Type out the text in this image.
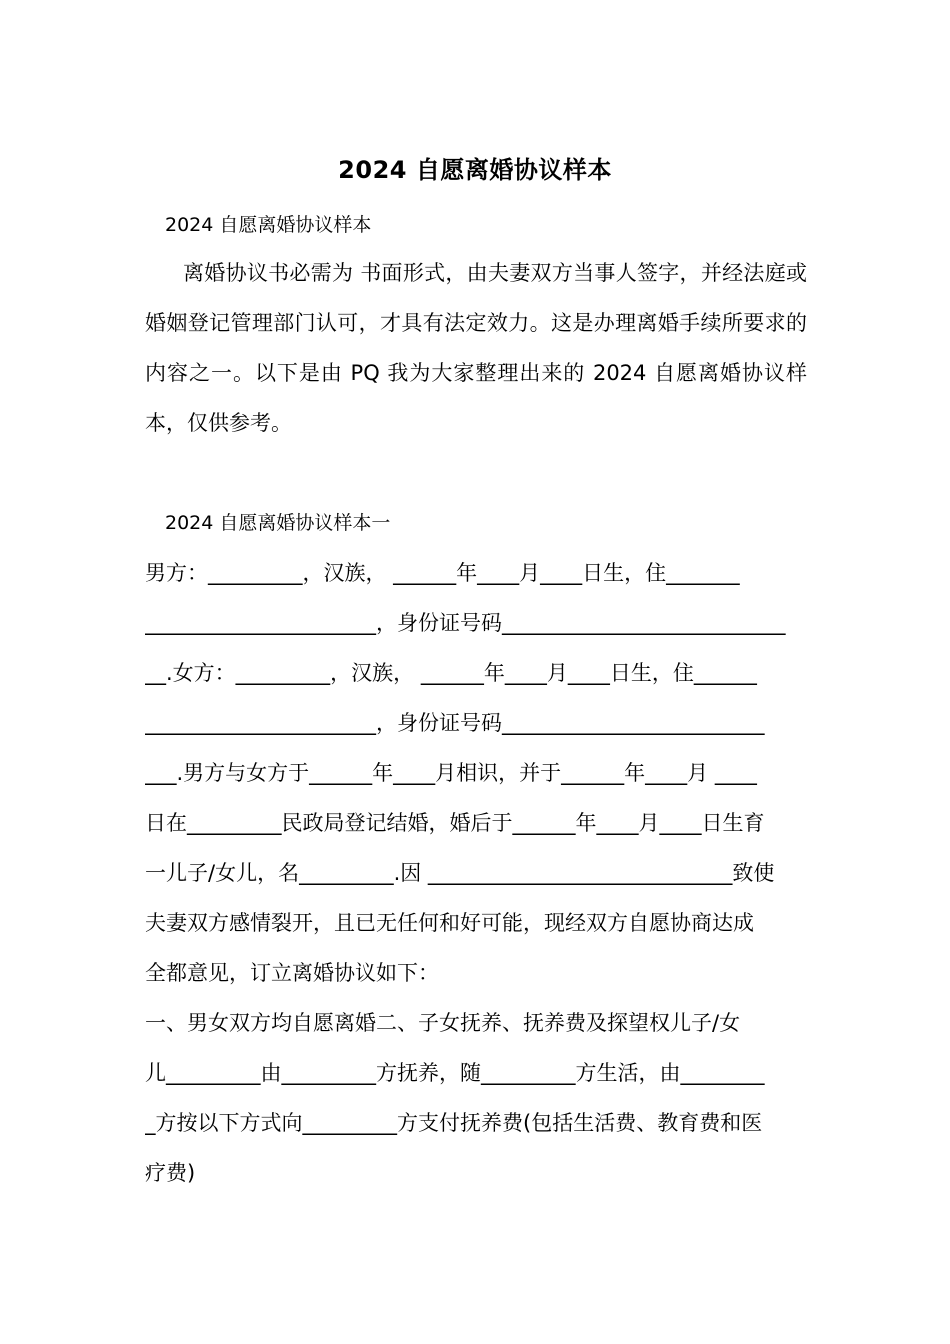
2024 自愿离婚协议样本
2024 自愿离婚协议样本
离婚协议书必需为 书面形式，由夫妻双方当事人签字，并经法庭或婚姻登记管理部门认可，才具有法定效力。这是办理离婚手续所要求的内容之一。以下是由 PQ 我为大家整理出来的 2024 自愿离婚协议样本，仅供参考。
2024 自愿离婚协议样本一
男方：_________，汉族， ______年____月____日生，住_______
______________________，身份证号码___________________________
__.女方：_________，汉族， ______年____月____日生，住______
______________________，身份证号码_________________________
___.男方与女方于______年____月相识，并于______年____月 ____
日在_________民政局登记结婚，婚后于______年____月____日生育
一儿子/女儿，名_________.因 _____________________________致使
夫妻双方感情裂开，且已无任何和好可能，现经双方自愿协商达成
全都意见，订立离婚协议如下：
一、男女双方均自愿离婚二、子女抚养、抚养费及探望权儿子/女
儿_________由_________方抚养，随_________方生活，由________
_方按以下方式向_________方支付抚养费(包括生活费、教育费和医
疗费)
